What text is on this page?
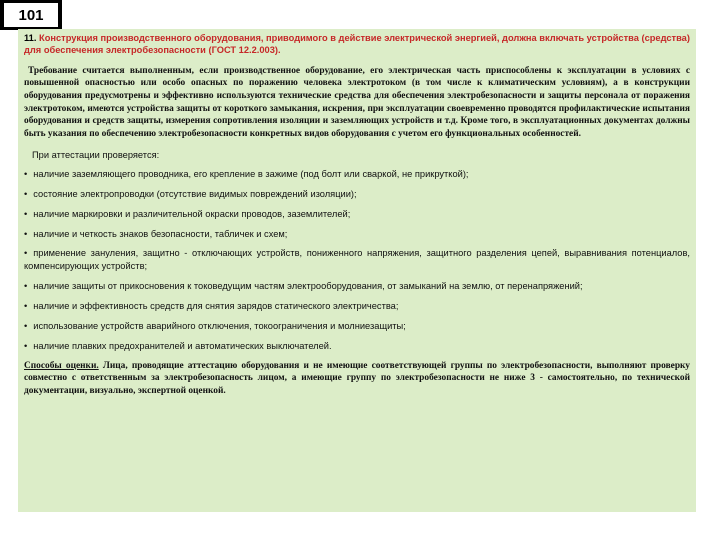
101

11. Конструкция производственного оборудования, приводимого в действие электрической энергией, должна включать устройства (средства) для обеспечения электробезопасности (ГОСТ 12.2.003).

Требование считается выполненным, если производственное оборудование, его электрическая часть приспособлены к эксплуатации в условиях с повышенной опасностью или особо опасных по поражению человека электротоком (в том числе к климатическим условиям), а в конструкции оборудования предусмотрены и эффективно используются технические средства для обеспечения электробезопасности и защиты персонала от поражения электротоком, имеются устройства защиты от короткого замыкания, искрения, при эксплуатации своевременно проводятся профилактические испытания оборудования и средств защиты, измерения сопротивления изоляции и заземляющих устройств и т.д. Кроме того, в эксплуатационных документах должны быть указания по обеспечению электробезопасности конкретных видов оборудования с учетом его функциональных особенностей.

При аттестации проверяется:

• наличие заземляющего проводника, его крепление в зажиме (под болт или сваркой, не прикруткой);
• состояние электропроводки (отсутствие видимых повреждений изоляции);
• наличие маркировки и различительной окраски проводов, заземлителей;
• наличие и четкость знаков безопасности, табличек и схем;
• применение зануления, защитно - отключающих устройств, пониженного напряжения, защитного разделения цепей, выравнивания потенциалов, компенсирующих устройств;
• наличие защиты от прикосновения к токоведущим частям электрооборудования, от замыканий на землю, от перенапряжений;
• наличие и эффективность средств для снятия зарядов статического электричества;
• использование устройств аварийного отключения, токоограничения и молниезащиты;
• наличие плавких предохранителей и автоматических выключателей.

Способы оценки. Лица, проводящие аттестацию оборудования и не имеющие соответствующей группы по электробезопасности, выполняют проверку совместно с ответственным за электробезопасность лицом, а имеющие группу по электробезопасности не ниже 3 - самостоятельно, по технической документации, визуально, экспертной оценкой.
